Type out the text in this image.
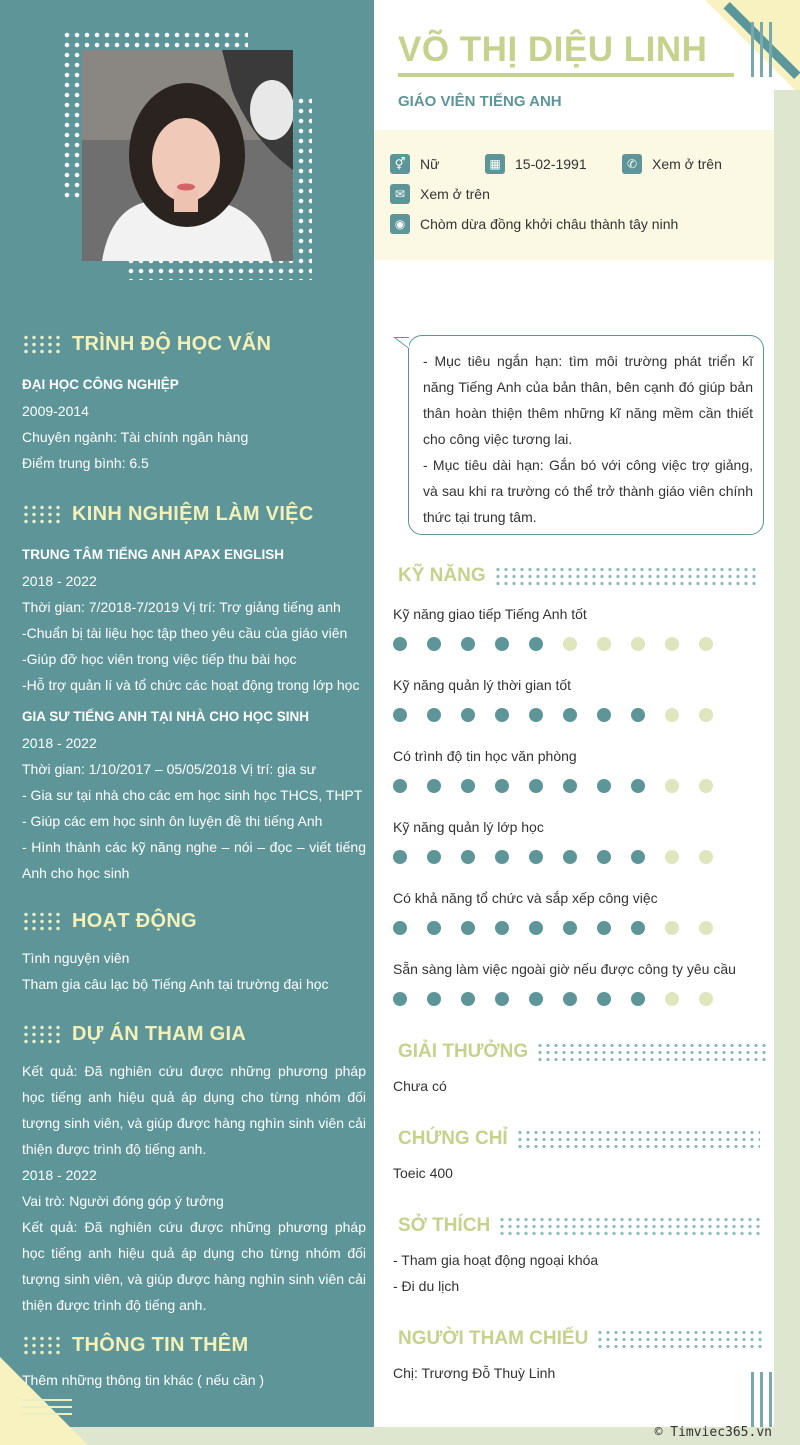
TRÌNH ĐỘ HỌC VẤN
ĐẠI HỌC CÔNG NGHIỆP
2009-2014
Chuyên ngành: Tài chính ngân hàng
Điểm trung bình: 6.5
KINH NGHIỆM LÀM VIỆC
TRUNG TÂM TIẾNG ANH APAX ENGLISH
2018 - 2022
Thời gian: 7/2018-7/2019 Vị trí: Trợ giảng tiếng anh
-Chuẩn bị tài liệu học tập theo yêu cầu của giáo viên
-Giúp đỡ học viên trong việc tiếp thu bài học
-Hỗ trợ quản lí và tổ chức các hoạt động trong lớp học
GIA SƯ TIẾNG ANH TẠI NHÀ CHO HỌC SINH
2018 - 2022
Thời gian: 1/10/2017 – 05/05/2018 Vị trí: gia sư
- Gia sư tại nhà cho các em học sinh học THCS, THPT
- Giúp các em học sinh ôn luyện đề thi tiếng Anh
- Hình thành các kỹ năng nghe – nói – đọc – viết tiếng Anh cho học sinh
HOẠT ĐỘNG
Tình nguyện viên
Tham gia câu lạc bộ Tiếng Anh tại trường đại học
DỰ ÁN THAM GIA
Kết quả: Đã nghiên cứu được những phương pháp học tiếng anh hiệu quả áp dụng cho từng nhóm đối tượng sinh viên, và giúp được hàng nghìn sinh viên cải thiện được trình độ tiếng anh.
2018 - 2022
Vai trò: Người đóng góp ý tưởng
Kết quả: Đã nghiên cứu được những phương pháp học tiếng anh hiệu quả áp dụng cho từng nhóm đối tượng sinh viên, và giúp được hàng nghìn sinh viên cải thiện được trình độ tiếng anh.
THÔNG TIN THÊM
Thêm những thông tin khác ( nếu cần )
VÕ THỊ DIỆU LINH
GIÁO VIÊN TIẾNG ANH
⚥	Nữ	▦	15-02-1991	✆	Xem ở trên
✉	Xem ở trên
◉	Chòm dừa đồng khởi châu thành tây ninh
- Mục tiêu ngắn hạn: tìm môi trường phát triển kĩ năng Tiếng Anh của bản thân, bên cạnh đó giúp bản thân hoàn thiện thêm những kĩ năng mềm cần thiết cho công việc tương lai.
- Mục tiêu dài hạn: Gắn bó với công việc trợ giảng, và sau khi ra trường có thể trở thành giáo viên chính thức tại trung tâm.
KỸ NĂNG
Kỹ năng giao tiếp Tiếng Anh tốt
Kỹ năng quản lý thời gian tốt
Có trình độ tin học văn phòng
Kỹ năng quản lý lớp học
Có khả năng tổ chức và sắp xếp công việc
Sẵn sàng làm việc ngoài giờ nếu được công ty yêu cầu
GIẢI THƯỞNG
Chưa có
CHỨNG CHỈ
Toeic 400
SỞ THÍCH
- Tham gia hoạt động ngoại khóa
- Đi du lịch
NGƯỜI THAM CHIẾU
Chị: Trương Đỗ Thuỳ Linh
© Timviec365.vn
